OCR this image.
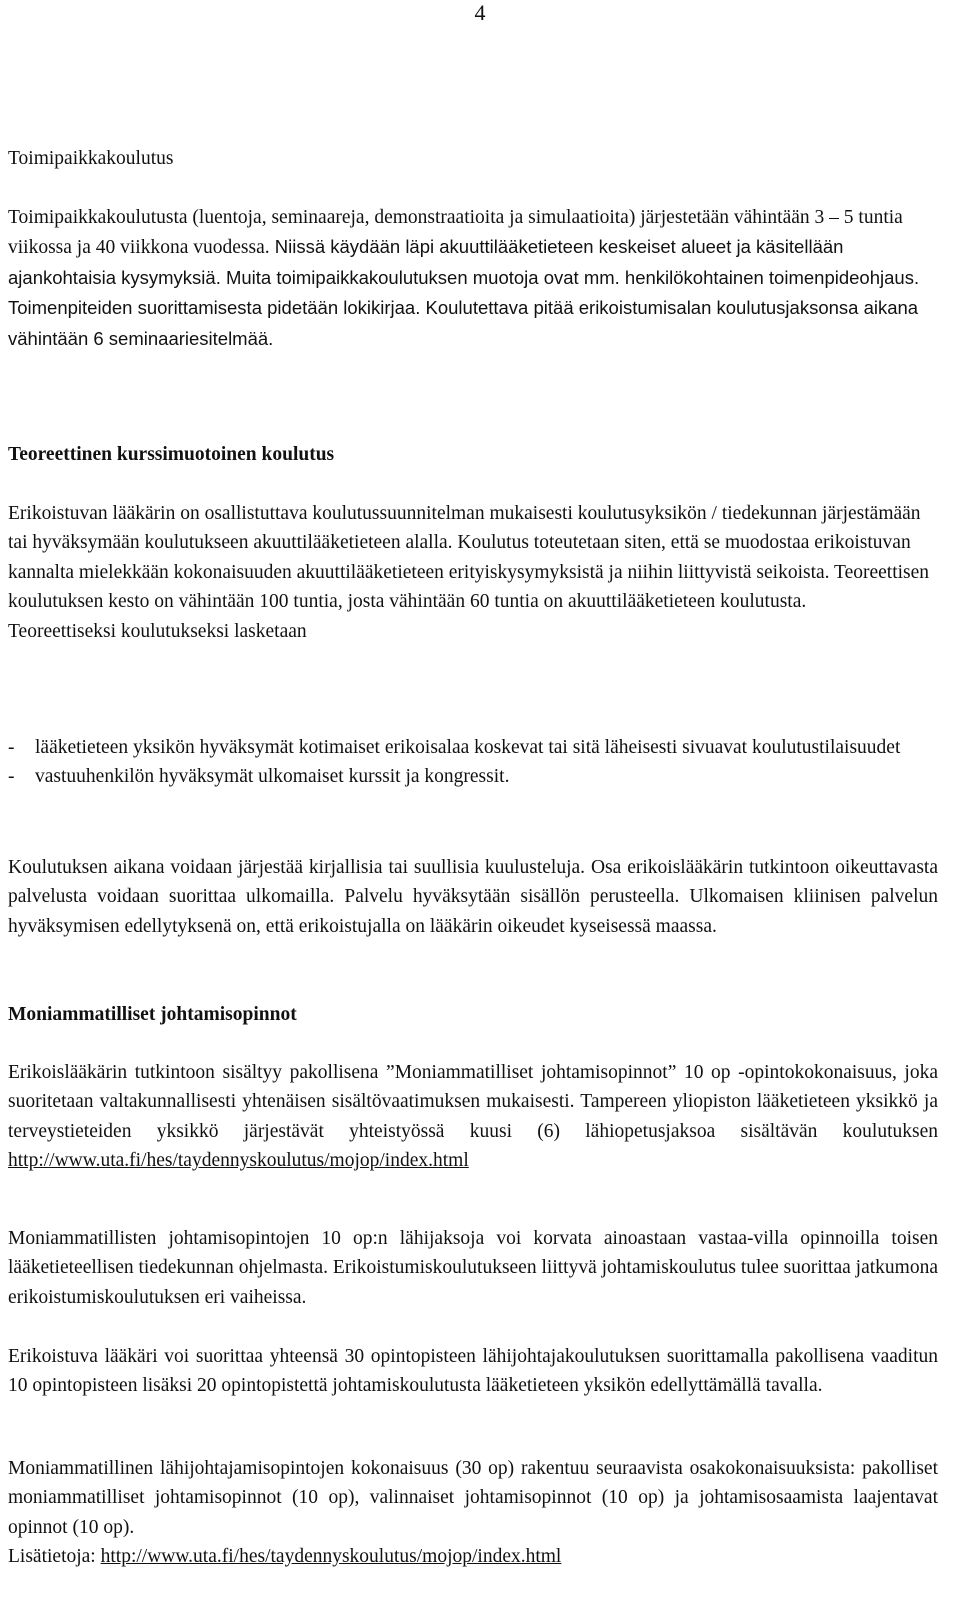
4

Toimipaikkakoulutus

Toimipaikkakoulutusta (luentoja, seminaareja, demonstraatioita ja simulaatioita) järjestetään vähintään 3 – 5 tuntia viikossa ja 40 viikkona vuodessa. Niissä käydään läpi akuuttilääketieteen keskeiset alueet ja käsitellään ajankohtaisia kysymyksiä. Muita toimipaikkakoulutuksen muotoja ovat mm. henkilökohtainen toimenpideohjaus. Toimenpiteiden suorittamisesta pidetään lokikirjaa. Koulutettava pitää erikoistumisalan koulutusjaksonsa aikana vähintään 6 seminaariesitelmää.

Teoreettinen kurssimuotoinen koulutus

Erikoistuvan lääkärin on osallistuttava koulutussuunnitelman mukaisesti koulutusyksikön / tiedekunnan järjestämään tai hyväksymään koulutukseen akuuttilääketieteen alalla. Koulutus toteutetaan siten, että se muodostaa erikoistuvan kannalta mielekkään kokonaisuuden akuuttilääketieteen erityiskysymyksistä ja niihin liittyvistä seikoista. Teoreettisen koulutuksen kesto on vähintään 100 tuntia, josta vähintään 60 tuntia on akuuttilääketieteen koulutusta.

Teoreettiseksi koulutukseksi lasketaan

- lääketieteen yksikön hyväksymät kotimaiset erikoisalaa koskevat tai sitä läheisesti sivuavat koulutustilaisuudet
- vastuuhenkilön hyväksymät ulkomaiset kurssit ja kongressit.

Koulutuksen aikana voidaan järjestää kirjallisia tai suullisia kuulusteluja. Osa erikoislääkärin tutkintoon oikeuttavasta palvelusta voidaan suorittaa ulkomailla. Palvelu hyväksytään sisällön perusteella. Ulkomaisen kliinisen palvelun hyväksymisen edellytyksenä on, että erikoistujalla on lääkärin oikeudet kyseisessä maassa.

Moniammatilliset johtamisopinnot

Erikoislääkärin tutkintoon sisältyy pakollisena ”Moniammatilliset johtamisopinnot” 10 op -opintokokonaisuus, joka suoritetaan valtakunnallisesti yhtenäisen sisältövaatimuksen mukaisesti. Tampereen yliopiston lääketieteen yksikkö ja terveystieteiden yksikkö järjestävät yhteistyössä kuusi (6) lähiopetusjaksoa sisältävän koulutuksen http://www.uta.fi/hes/taydennyskoulutus/mojop/index.html

Moniammatillisten johtamisopintojen 10 op:n lähijaksoja voi korvata ainoastaan vastaa-villa opinnoilla toisen lääketieteellisen tiedekunnan ohjelmasta. Erikoistumiskoulutukseen liittyvä johtamiskoulutus tulee suorittaa jatkumona erikoistumiskoulutuksen eri vaiheissa.

Erikoistuva lääkäri voi suorittaa yhteensä 30 opintopisteen lähijohtajakoulutuksen suorittamalla pakollisena vaaditun 10 opintopisteen lisäksi 20 opintopistettä johtamiskoulutusta lääketieteen yksikön edellyttämällä tavalla.

Moniammatillinen lähijohtajamisopintojen kokonaisuus (30 op) rakentuu seuraavista osakokonaisuuksista: pakolliset moniammatilliset johtamisopinnot (10 op), valinnaiset johtamisopinnot (10 op) ja johtamisosaamista laajentavat opinnot (10 op).

Lisätietoja: http://www.uta.fi/hes/taydennyskoulutus/mojop/index.html
